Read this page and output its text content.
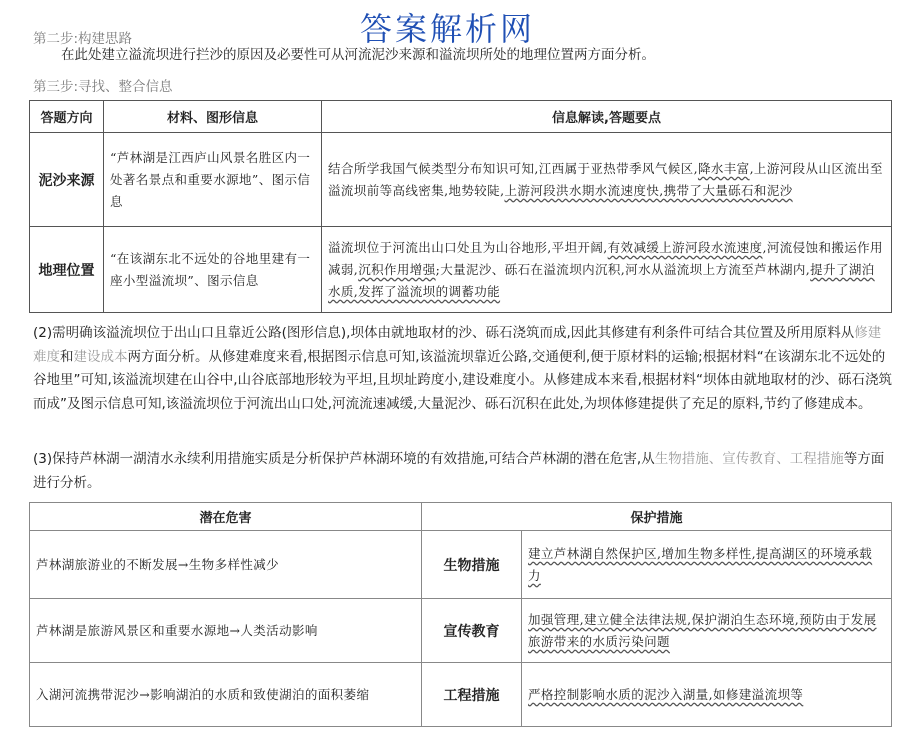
答案解析网
第二步:构建思路
在此处建立溢流坝进行拦沙的原因及必要性可从河流泥沙来源和溢流坝所处的地理位置两方面分析。
第三步:寻找、整合信息
答题方向	材料、图形信息	信息解读,答题要点
泥沙来源	“芦林湖是江西庐山风景名胜区内一处著名景点和重要水源地”、图示信息	结合所学我国气候类型分布知识可知,江西属于亚热带季风气候区,降水丰富,上游河段从山区流出至溢流坝前等高线密集,地势较陡,上游河段洪水期水流速度快,携带了大量砾石和泥沙
地理位置	“在该湖东北不远处的谷地里建有一座小型溢流坝”、图示信息	溢流坝位于河流出山口处且为山谷地形,平坦开阔,有效减缓上游河段水流速度,河流侵蚀和搬运作用减弱,沉积作用增强;大量泥沙、砾石在溢流坝内沉积,河水从溢流坝上方流至芦林湖内,提升了湖泊水质,发挥了溢流坝的调蓄功能
(2)需明确该溢流坝位于出山口且靠近公路(图形信息),坝体由就地取材的沙、砾石浇筑而成,因此其修建有利条件可结合其位置及所用原料从修建难度和建设成本两方面分析。从修建难度来看,根据图示信息可知,该溢流坝靠近公路,交通便利,便于原材料的运输;根据材料“在该湖东北不远处的谷地里”可知,该溢流坝建在山谷中,山谷底部地形较为平坦,且坝址跨度小,建设难度小。从修建成本来看,根据材料“坝体由就地取材的沙、砾石浇筑而成”及图示信息可知,该溢流坝位于河流出山口处,河流流速减缓,大量泥沙、砾石沉积在此处,为坝体修建提供了充足的原料,节约了修建成本。
(3)保持芦林湖一湖清水永续利用措施实质是分析保护芦林湖环境的有效措施,可结合芦林湖的潜在危害,从生物措施、宣传教育、工程措施等方面进行分析。
潜在危害	保护措施	
芦林湖旅游业的不断发展→生物多样性减少	生物措施	建立芦林湖自然保护区,增加生物多样性,提高湖区的环境承载力
芦林湖是旅游风景区和重要水源地→人类活动影响	宣传教育	加强管理,建立健全法律法规,保护湖泊生态环境,预防由于发展旅游带来的水质污染问题
入湖河流携带泥沙→影响湖泊的水质和致使湖泊的面积萎缩	工程措施	严格控制影响水质的泥沙入湖量,如修建溢流坝等
